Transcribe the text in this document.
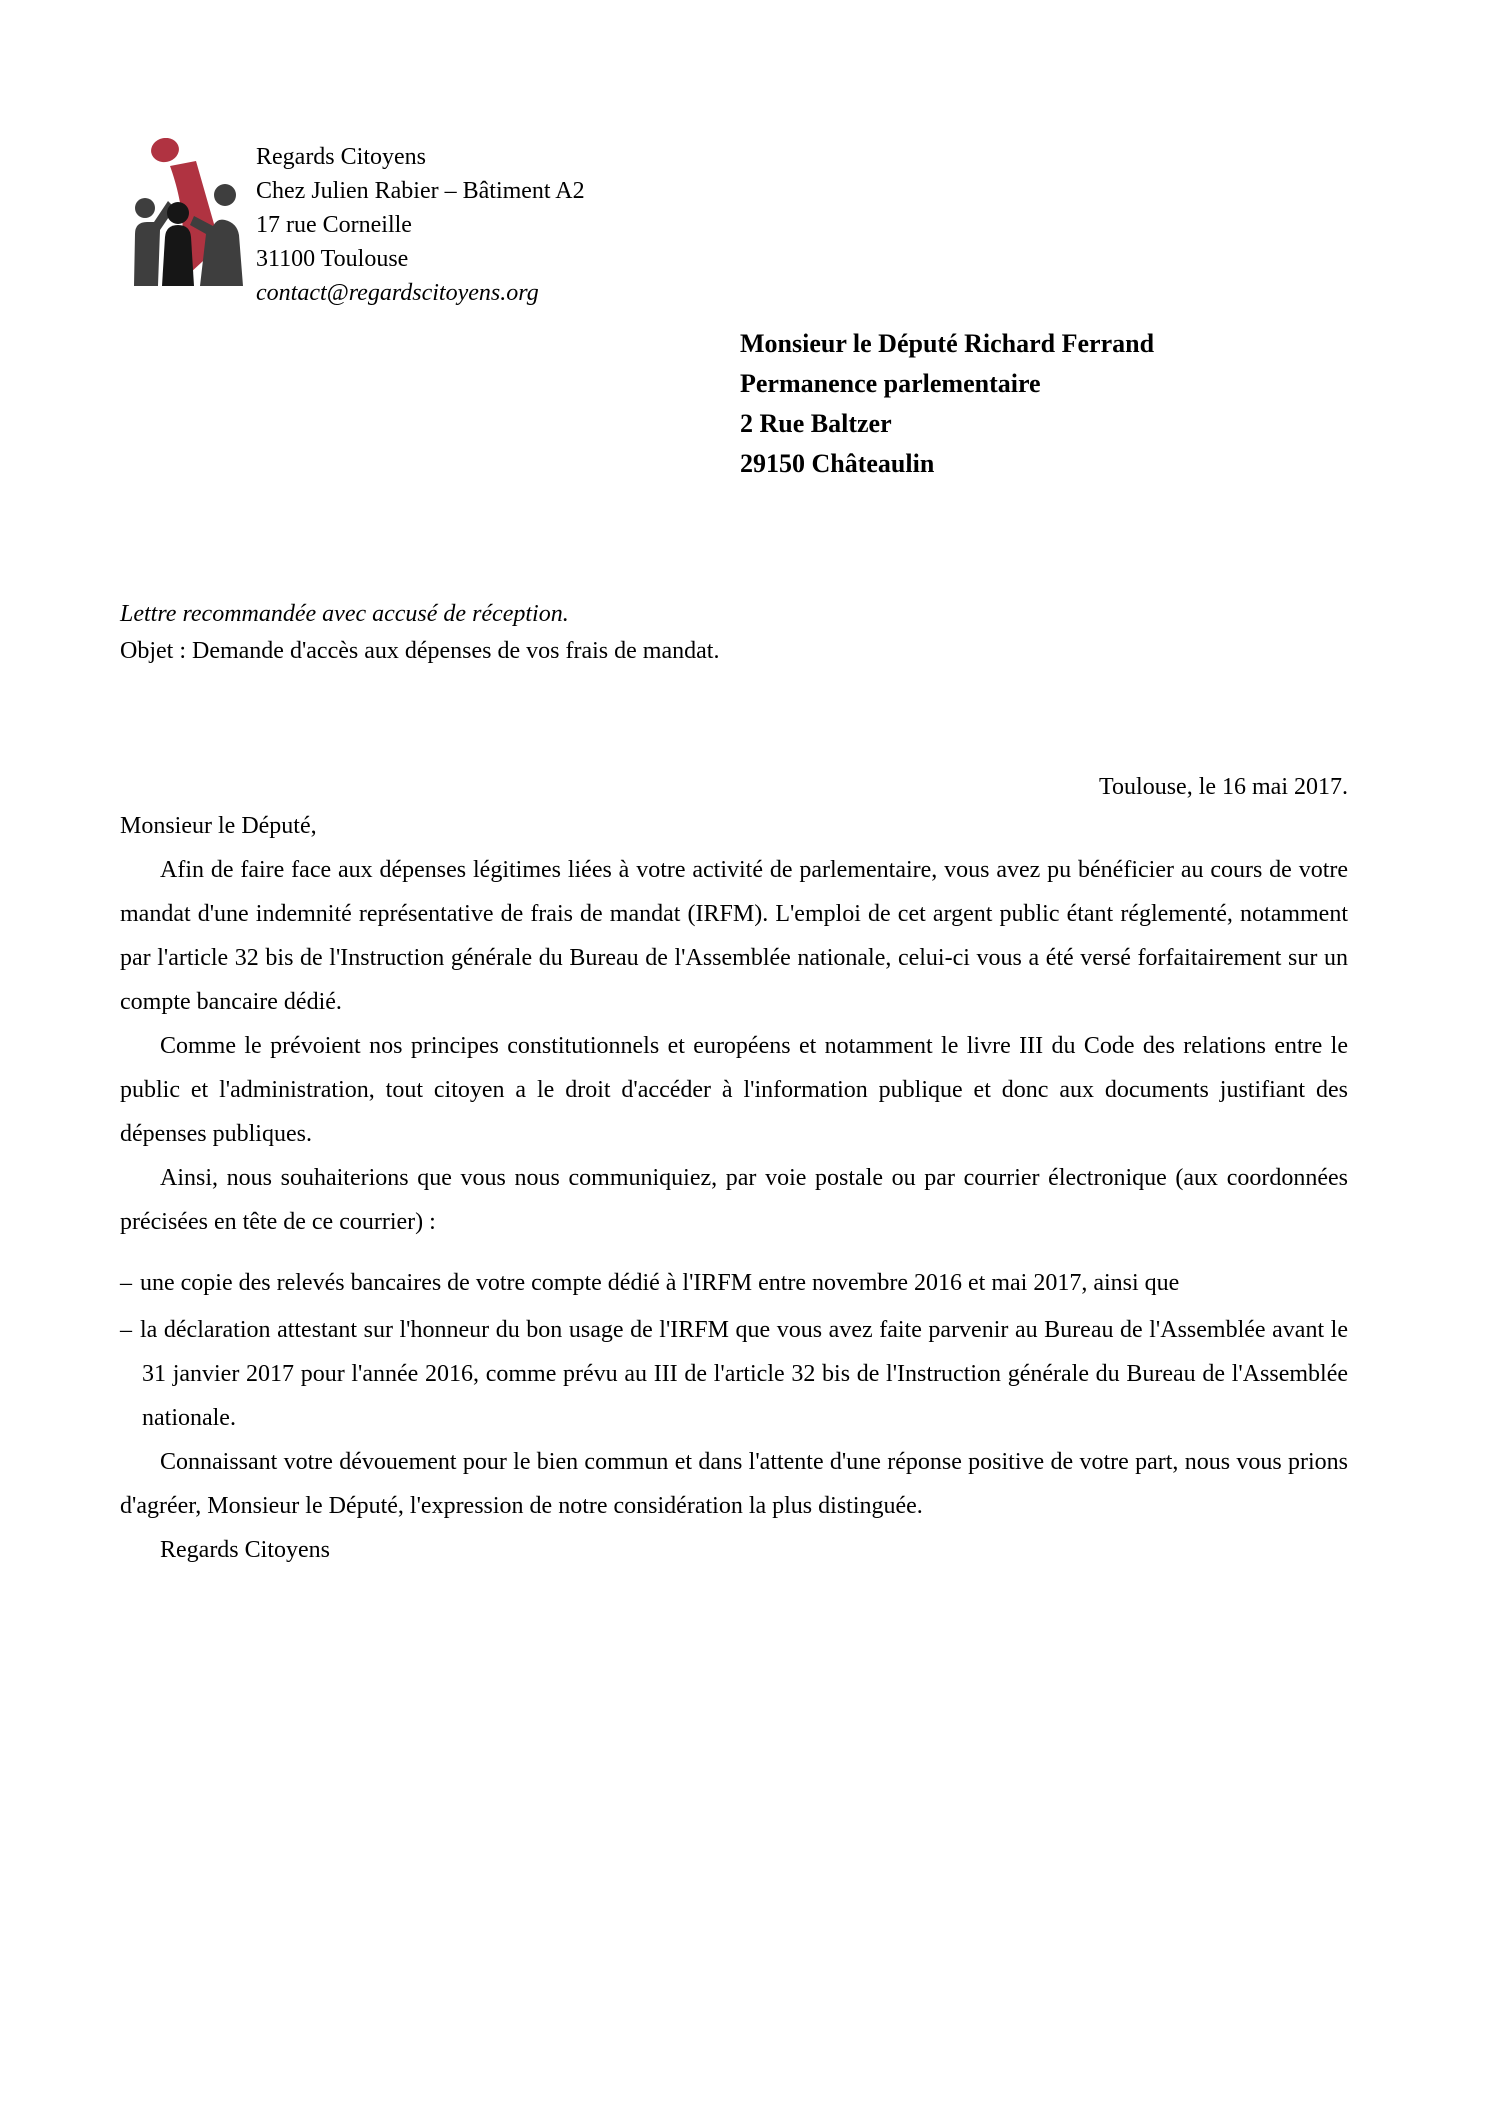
Regards Citoyens
Chez Julien Rabier – Bâtiment A2
17 rue Corneille
31100 Toulouse
contact@regardscitoyens.org
Monsieur le Député Richard Ferrand
Permanence parlementaire
2 Rue Baltzer
29150 Châteaulin
Lettre recommandée avec accusé de réception.
Objet : Demande d'accès aux dépenses de vos frais de mandat.
Toulouse, le 16 mai 2017.

Monsieur le Député,

Afin de faire face aux dépenses légitimes liées à votre activité de parlementaire, vous avez pu bénéficier au cours de votre mandat d'une indemnité représentative de frais de mandat (IRFM). L'emploi de cet argent public étant réglementé, notamment par l'article 32 bis de l'Instruction générale du Bureau de l'Assemblée nationale, celui-ci vous a été versé forfaitairement sur un compte bancaire dédié.

Comme le prévoient nos principes constitutionnels et européens et notamment le livre III du Code des relations entre le public et l'administration, tout citoyen a le droit d'accéder à l'information publique et donc aux documents justifiant des dépenses publiques.

Ainsi, nous souhaiterions que vous nous communiquiez, par voie postale ou par courrier électronique (aux coordonnées précisées en tête de ce courrier) :

– une copie des relevés bancaires de votre compte dédié à l'IRFM entre novembre 2016 et mai 2017, ainsi que
– la déclaration attestant sur l'honneur du bon usage de l'IRFM que vous avez faite parvenir au Bureau de l'Assemblée avant le 31 janvier 2017 pour l'année 2016, comme prévu au III de l'article 32 bis de l'Instruction générale du Bureau de l'Assemblée nationale.

Connaissant votre dévouement pour le bien commun et dans l'attente d'une réponse positive de votre part, nous vous prions d'agréer, Monsieur le Député, l'expression de notre considération la plus distinguée.

Regards Citoyens
